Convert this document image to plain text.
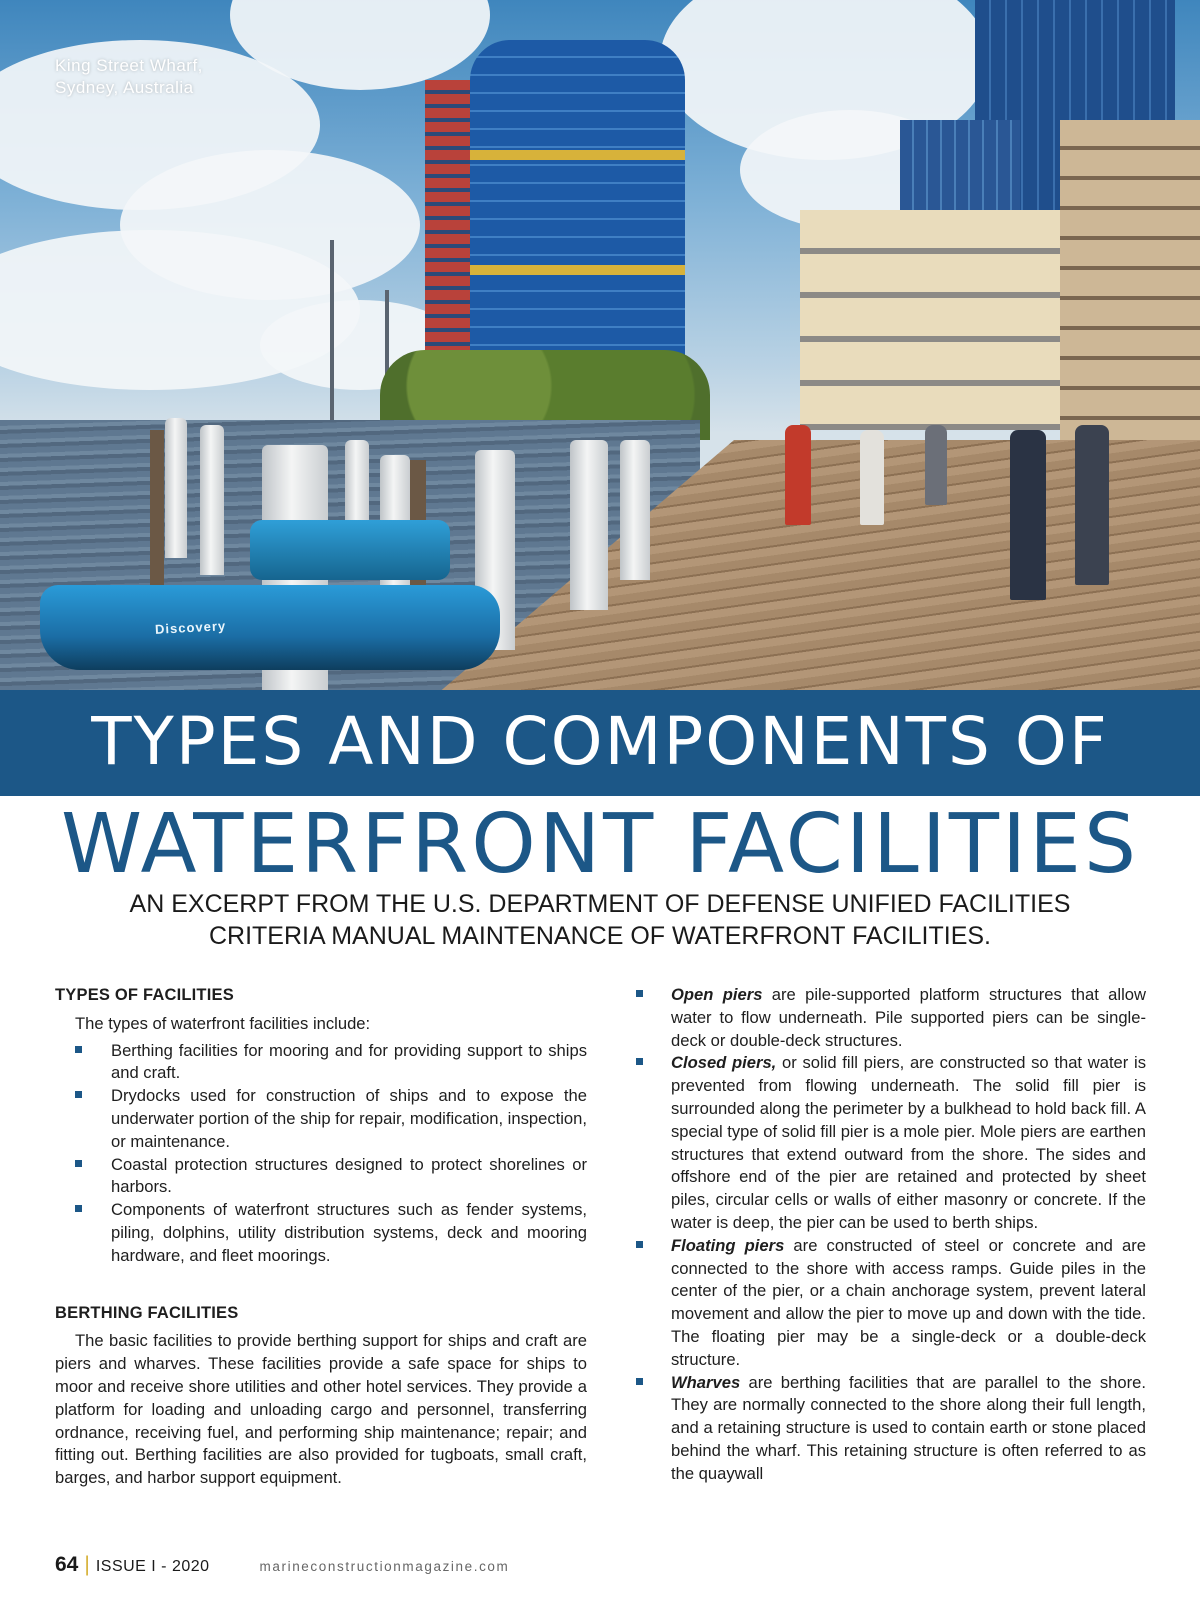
Discovery
King Street Wharf,
Sydney, Australia
TYPES AND COMPONENTS OF
WATERFRONT FACILITIES
AN EXCERPT FROM THE U.S. DEPARTMENT OF DEFENSE UNIFIED FACILITIES
CRITERIA MANUAL MAINTENANCE OF WATERFRONT FACILITIES.
TYPES OF FACILITIES
The types of waterfront facilities include:
Berthing facilities for mooring and for providing support to ships and craft.
Drydocks used for construction of ships and to expose the underwater portion of the ship for repair, modification, inspection, or maintenance.
Coastal protection structures designed to protect shorelines or harbors.
Components of waterfront structures such as fender systems, piling, dolphins, utility distribution systems, deck and mooring hardware, and fleet moorings.
BERTHING FACILITIES

The basic facilities to provide berthing support for ships and craft are piers and wharves. These facilities provide a safe space for ships to moor and receive shore utilities and other hotel services. They provide a platform for loading and unloading cargo and personnel, transferring ordnance, receiving fuel, and performing ship maintenance; repair; and fitting out. Berthing facilities are also provided for tugboats, small craft, barges, and harbor support equipment.

Open piers are pile-supported platform structures that allow water to flow underneath. Pile supported piers can be single-deck or double-deck structures.
Closed piers, or solid fill piers, are constructed so that water is prevented from flowing underneath. The solid fill pier is surrounded along the perimeter by a bulkhead to hold back fill. A special type of solid fill pier is a mole pier. Mole piers are earthen structures that extend outward from the shore. The sides and offshore end of the pier are retained and protected by sheet piles, circular cells or walls of either masonry or concrete. If the water is deep, the pier can be used to berth ships.
Floating piers are constructed of steel or concrete and are connected to the shore with access ramps. Guide piles in the center of the pier, or a chain anchorage system, prevent lateral movement and allow the pier to move up and down with the tide. The floating pier may be a single-deck or a double-deck structure.
Wharves are berthing facilities that are parallel to the shore. They are normally connected to the shore along their full length, and a retaining structure is used to contain earth or stone placed behind the wharf. This retaining structure is often referred to as the quaywall
64 | ISSUE I - 2020	marineconstructionmagazine.com
